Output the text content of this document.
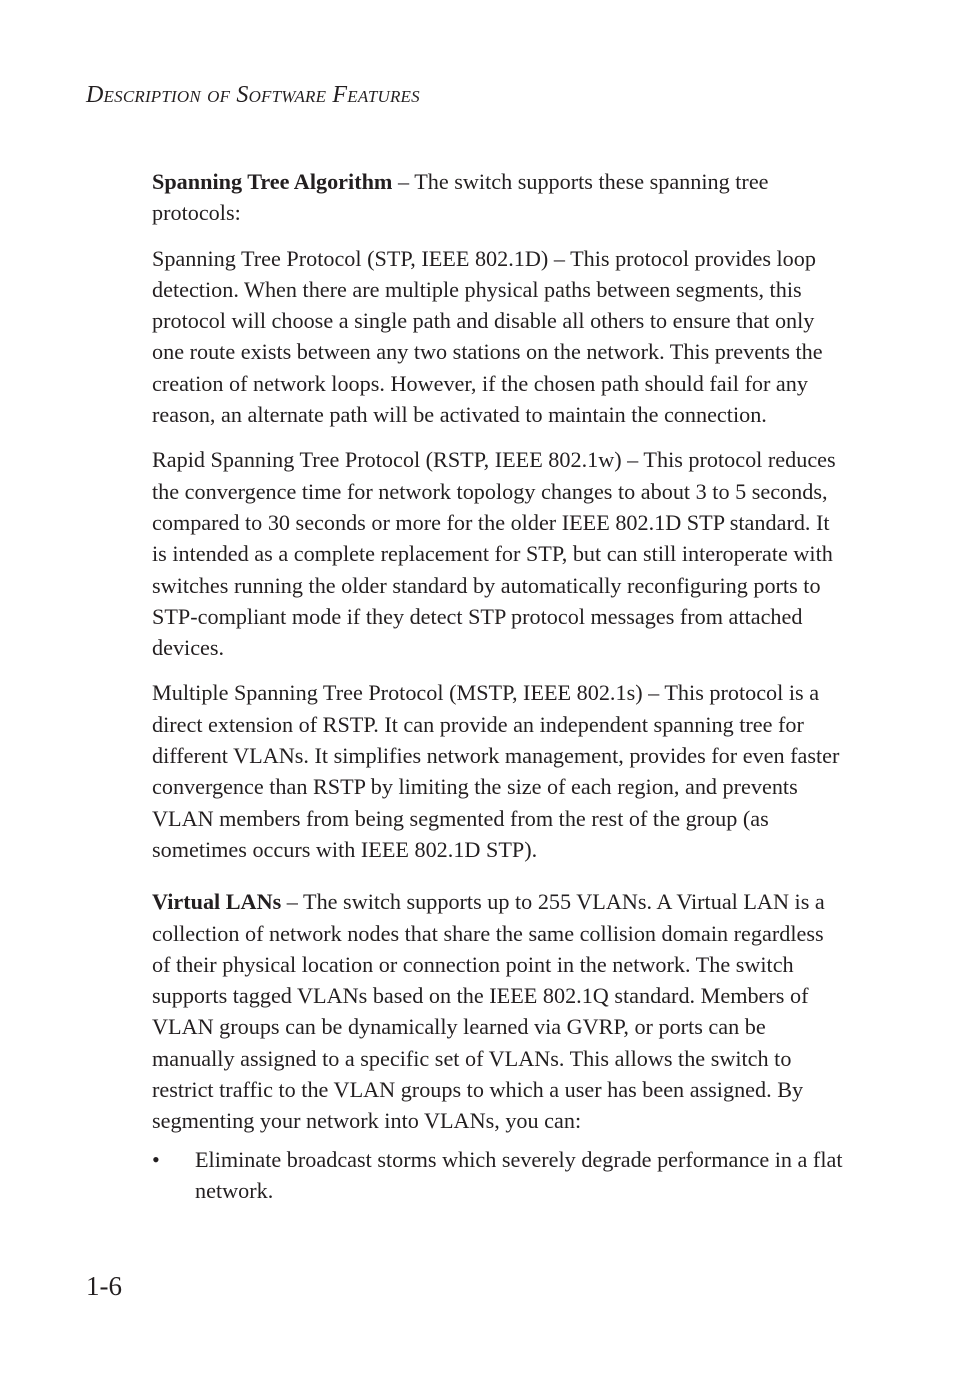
Description of Software Features

Spanning Tree Algorithm – The switch supports these spanning tree protocols:

Spanning Tree Protocol (STP, IEEE 802.1D) – This protocol provides loop detection. When there are multiple physical paths between segments, this protocol will choose a single path and disable all others to ensure that only one route exists between any two stations on the network. This prevents the creation of network loops. However, if the chosen path should fail for any reason, an alternate path will be activated to maintain the connection.

Rapid Spanning Tree Protocol (RSTP, IEEE 802.1w) – This protocol reduces the convergence time for network topology changes to about 3 to 5 seconds, compared to 30 seconds or more for the older IEEE 802.1D STP standard. It is intended as a complete replacement for STP, but can still interoperate with switches running the older standard by automatically reconfiguring ports to STP-compliant mode if they detect STP protocol messages from attached devices.

Multiple Spanning Tree Protocol (MSTP, IEEE 802.1s) – This protocol is a direct extension of RSTP. It can provide an independent spanning tree for different VLANs. It simplifies network management, provides for even faster convergence than RSTP by limiting the size of each region, and prevents VLAN members from being segmented from the rest of the group (as sometimes occurs with IEEE 802.1D STP).

Virtual LANs – The switch supports up to 255 VLANs. A Virtual LAN is a collection of network nodes that share the same collision domain regardless of their physical location or connection point in the network. The switch supports tagged VLANs based on the IEEE 802.1Q standard. Members of VLAN groups can be dynamically learned via GVRP, or ports can be manually assigned to a specific set of VLANs. This allows the switch to restrict traffic to the VLAN groups to which a user has been assigned. By segmenting your network into VLANs, you can:

• Eliminate broadcast storms which severely degrade performance in a flat network.
1-6
